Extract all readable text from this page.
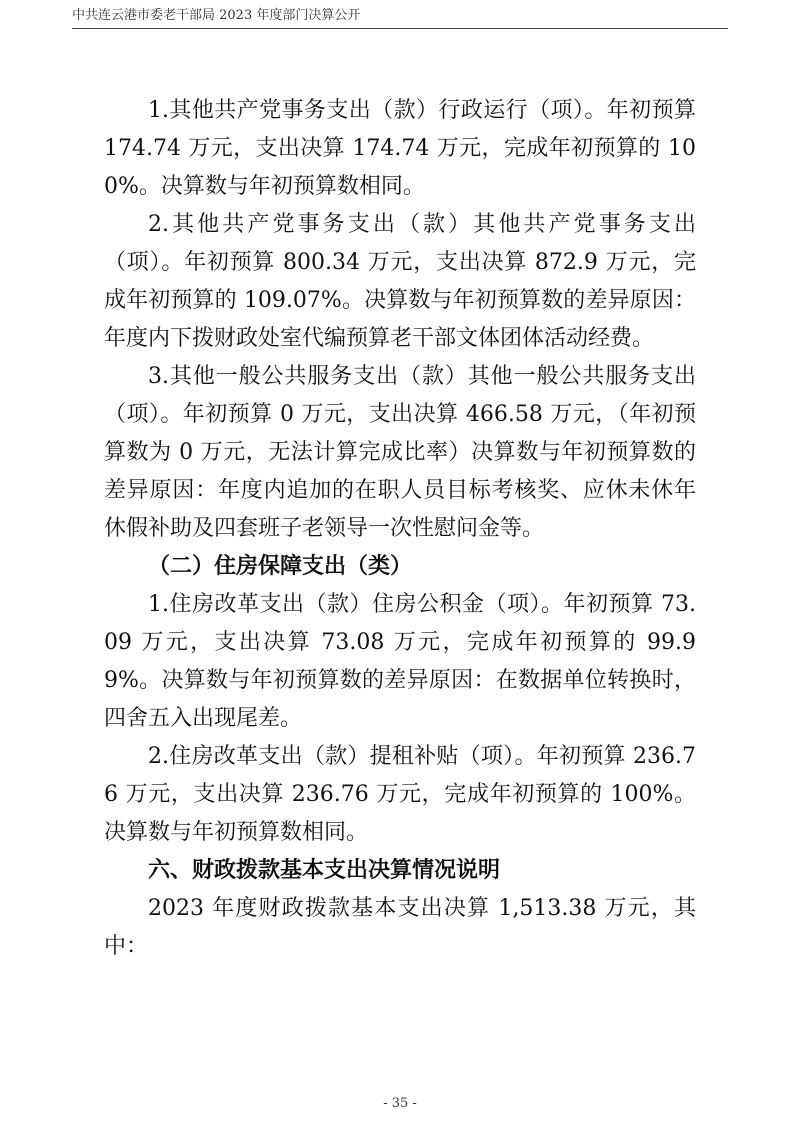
中共连云港市委老干部局 2023 年度部门决算公开

1.其他共产党事务支出（款）行政运行（项）。年初预算 174.74 万元，支出决算 174.74 万元，完成年初预算的 100%。决算数与年初预算数相同。

2.其他共产党事务支出（款）其他共产党事务支出（项）。年初预算 800.34 万元，支出决算 872.9 万元，完成年初预算的 109.07%。决算数与年初预算数的差异原因：年度内下拨财政处室代编预算老干部文体团体活动经费。

3.其他一般公共服务支出（款）其他一般公共服务支出（项）。年初预算 0 万元，支出决算 466.58 万元，（年初预算数为 0 万元，无法计算完成比率）决算数与年初预算数的差异原因：年度内追加的在职人员目标考核奖、应休未休年休假补助及四套班子老领导一次性慰问金等。

（二）住房保障支出（类）

1.住房改革支出（款）住房公积金（项）。年初预算 73.09 万元，支出决算 73.08 万元，完成年初预算的 99.99%。决算数与年初预算数的差异原因：在数据单位转换时，四舍五入出现尾差。

2.住房改革支出（款）提租补贴（项）。年初预算 236.76 万元，支出决算 236.76 万元，完成年初预算的 100%。决算数与年初预算数相同。

六、财政拨款基本支出决算情况说明

2023 年度财政拨款基本支出决算 1,513.38 万元，其中：

- 35 -
